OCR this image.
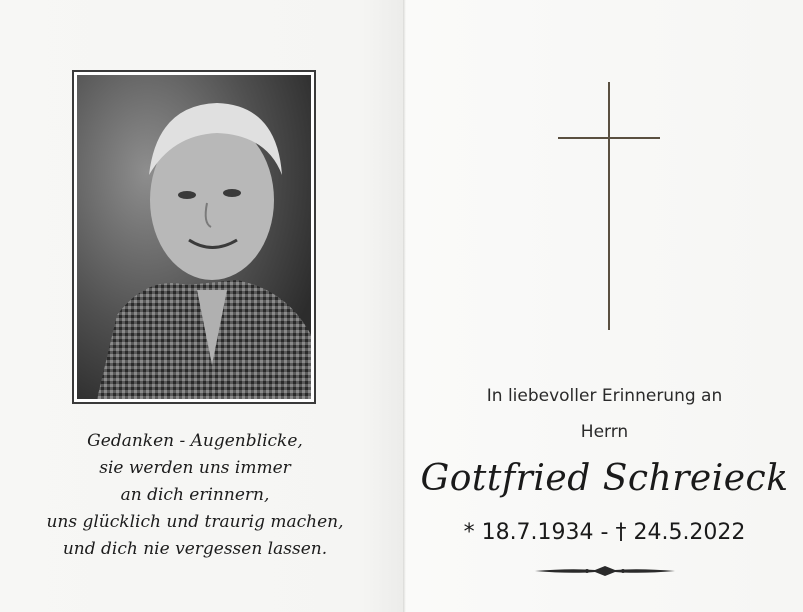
Gedanken - Augenblicke,
sie werden uns immer
an dich erinnern,
uns glücklich und traurig machen,
und dich nie vergessen lassen.
In liebevoller Erinnerung an
Herrn
Gottfried Schreieck
* 18.7.1934 - † 24.5.2022
